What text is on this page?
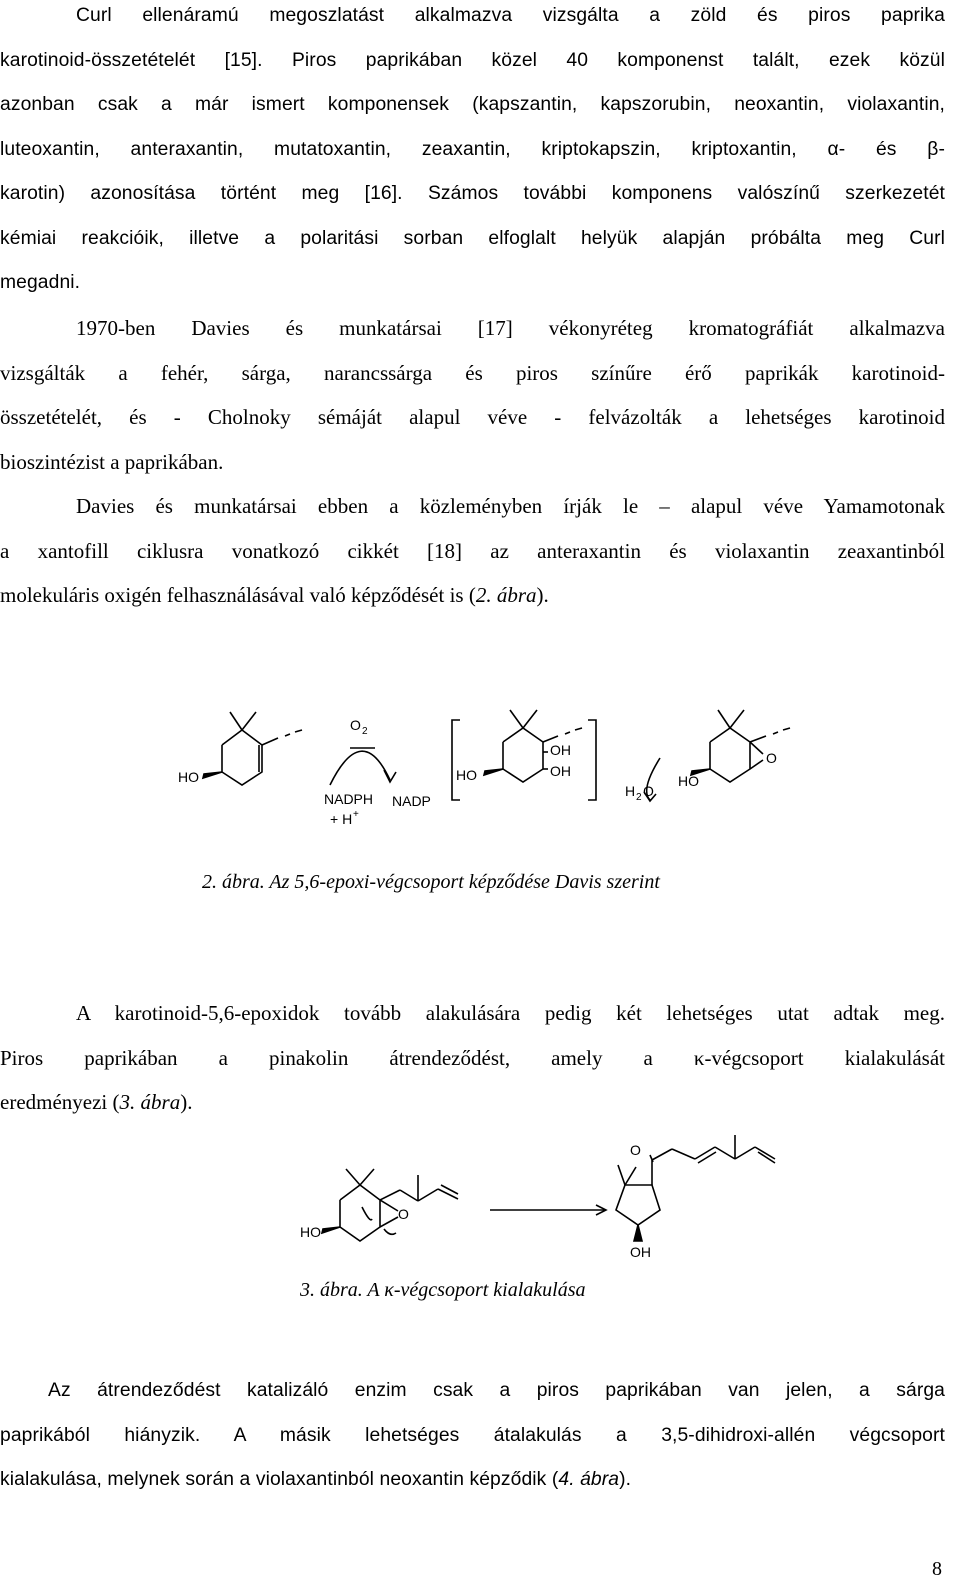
Curl ellenáramú megoszlatást alkalmazva vizsgálta a zöld és piros paprika
karotinoid-összetételét [15]. Piros paprikában közel 40 komponenst talált, ezek közül
azonban csak a már ismert komponensek (kapszantin, kapszorubin, neoxantin, violaxantin,
luteoxantin, anteraxantin, mutatoxantin, zeaxantin, kriptokapszin, kriptoxantin, α- és β-
karotin) azonosítása történt meg [16]. Számos további komponens valószínű szerkezetét
kémiai reakcióik, illetve a polaritási sorban elfoglalt helyük alapján próbálta meg Curl
megadni.
1970-ben Davies és munkatársai [17] vékonyréteg kromatográfiát alkalmazva
vizsgálták a fehér, sárga, narancssárga és piros színűre érő paprikák karotinoid-
összetételét, és - Cholnoky sémáját alapul véve - felvázolták a lehetséges karotinoid
bioszintézist a paprikában.
Davies és munkatársai ebben a közleményben írják le – alapul véve Yamamotonak
a xantofill ciklusra vonatkozó cikkét [18] az anteraxantin és violaxantin zeaxantinból
molekuláris oxigén felhasználásával való képződését is (2. ábra).
O 2
HO
NADPH
+ H +
NADP
HO
OH
OH
H 2 O
HO
O
2. ábra. Az 5,6-epoxi-végcsoport képződése Davis szerint
A karotinoid-5,6-epoxidok tovább alakulására pedig két lehetséges utat adtak meg.
Piros paprikában a pinakolin átrendeződést, amely a κ-végcsoport kialakulását
eredményezi (3. ábra).
HO
O
O
OH
3. ábra. A κ-végcsoport kialakulása
Az átrendeződést katalizáló enzim csak a piros paprikában van jelen, a sárga
paprikából hiányzik. A másik lehetséges átalakulás a 3,5-dihidroxi-allén végcsoport
kialakulása, melynek során a violaxantinból neoxantin képződik (4. ábra).
8
